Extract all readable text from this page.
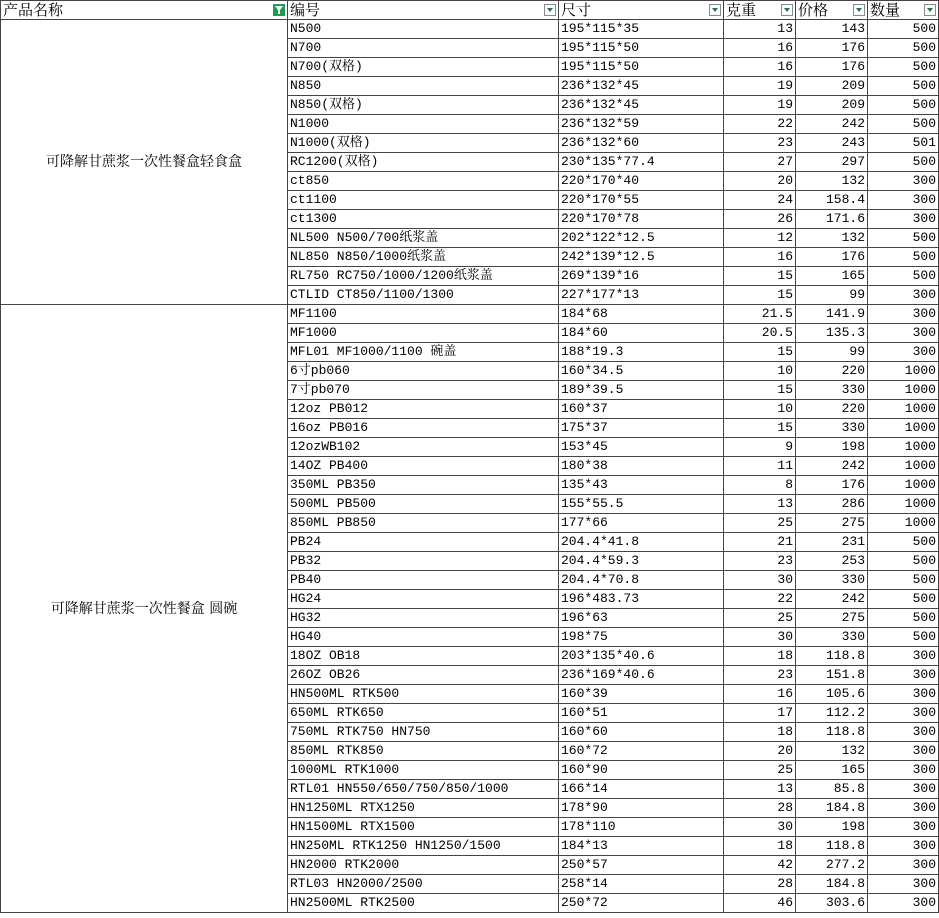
产品名称	编号	尺寸	克重	价格	数量

可降解甘蔗浆一次性餐盒轻食盒	N500	195*115*35	13	143	500
	N700	195*115*50	16	176	500
	N700(双格)	195*115*50	16	176	500
	N850	236*132*45	19	209	500
	N850(双格)	236*132*45	19	209	500
	N1000	236*132*59	22	242	500
	N1000(双格)	236*132*60	23	243	501
	RC1200(双格)	230*135*77.4	27	297	500
	ct850	220*170*40	20	132	300
	ct1100	220*170*55	24	158.4	300
	ct1300	220*170*78	26	171.6	300
	NL500 N500/700纸浆盖	202*122*12.5	12	132	500
	NL850 N850/1000纸浆盖	242*139*12.5	16	176	500
	RL750 RC750/1000/1200纸浆盖	269*139*16	15	165	500
	CTLID CT850/1100/1300	227*177*13	15	99	300
可降解甘蔗浆一次性餐盒 圆碗	MF1100	184*68	21.5	141.9	300
	MF1000	184*60	20.5	135.3	300
	MFL01 MF1000/1100 碗盖	188*19.3	15	99	300
	6寸pb060	160*34.5	10	220	1000
	7寸pb070	189*39.5	15	330	1000
	12oz PB012	160*37	10	220	1000
	16oz PB016	175*37	15	330	1000
	12ozWB102	153*45	9	198	1000
	14OZ PB400	180*38	11	242	1000
	350ML PB350	135*43	8	176	1000
	500ML PB500	155*55.5	13	286	1000
	850ML PB850	177*66	25	275	1000
	PB24	204.4*41.8	21	231	500
	PB32	204.4*59.3	23	253	500
	PB40	204.4*70.8	30	330	500
	HG24	196*483.73	22	242	500
	HG32	196*63	25	275	500
	HG40	198*75	30	330	500
	18OZ OB18	203*135*40.6	18	118.8	300
	26OZ OB26	236*169*40.6	23	151.8	300
	HN500ML RTK500	160*39	16	105.6	300
	650ML RTK650	160*51	17	112.2	300
	750ML RTK750 HN750	160*60	18	118.8	300
	850ML RTK850	160*72	20	132	300
	1000ML RTK1000	160*90	25	165	300
	RTL01 HN550/650/750/850/1000	166*14	13	85.8	300
	HN1250ML RTX1250	178*90	28	184.8	300
	HN1500ML RTX1500	178*110	30	198	300
	HN250ML RTK1250 HN1250/1500	184*13	18	118.8	300
	HN2000 RTK2000	250*57	42	277.2	300
	RTL03 HN2000/2500	258*14	28	184.8	300
	HN2500ML RTK2500	250*72	46	303.6	300
